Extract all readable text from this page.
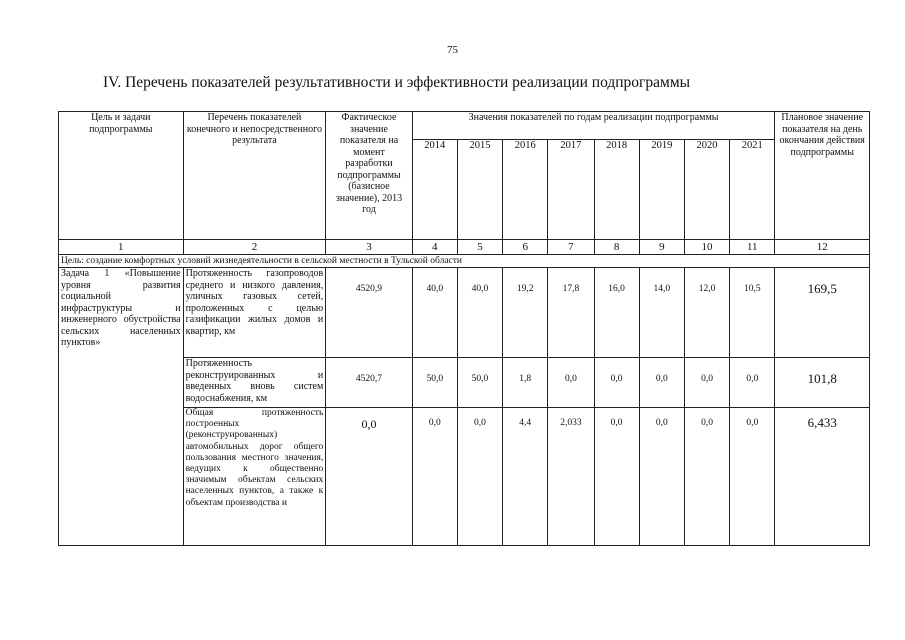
75
IV. Перечень показателей результативности и эффективности реализации подпрограммы
Цель и задачи подпрограммы	Перечень показателей конечного и непосредственного результата	Фактическое значение показателя на момент разработки подпрограммы (базисное значение), 2013 год	Значения показателей по годам реализации подпрограммы								Плановое значение показателя на день окончания действия подпрограммы
			2014	2015	2016	2017	2018	2019	2020	2021	
1	2	3	4	5	6	7	8	9	10	11	12
Цель: создание комфортных условий жизнедеятельности в сельской местности в Тульской области											
Задача 1 «Повышение уровня развития социальной инфраструктуры и инженерного обустройства сельских населенных пунктов»	Протяженность газопроводов среднего и низкого давления, уличных газовых сетей, проложенных с целью газификации жилых домов и квартир, км	4520,9	40,0	40,0	19,2	17,8	16,0	14,0	12,0	10,5	169,5
	Протяженность реконструированных и введенных вновь систем водоснабжения, км	4520,7	50,0	50,0	1,8	0,0	0,0	0,0	0,0	0,0	101,8
	Общая протяженность построенных (реконструированных) автомобильных дорог общего пользования местного значения, ведущих к общественно значимым объектам сельских населенных пунктов, а также к объектам производства и	0,0	0,0	0,0	4,4	2,033	0,0	0,0	0,0	0,0	6,433
